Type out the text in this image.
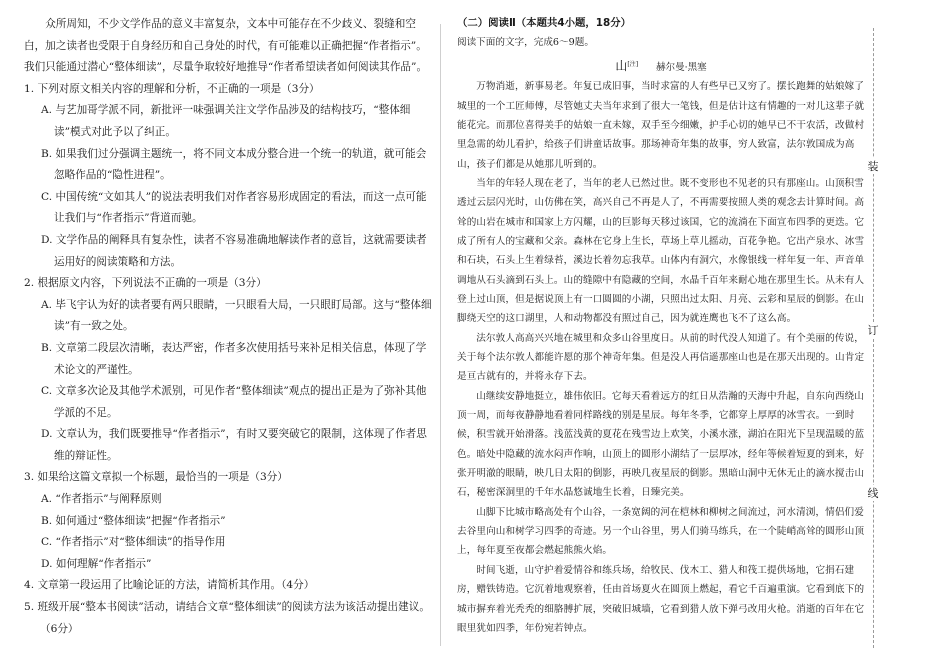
众所周知，不少文学作品的意义丰富复杂，文本中可能存在不少歧义、裂缝和空白，加之读者也受限于自身经历和自己身处的时代，有可能难以正确把握“作者指示”。我们只能通过潜心“整体细读”，尽量争取较好地推导“作者希望读者如何阅读其作品”。

1. 下列对原文相关内容的理解和分析，不正确的一项是（3分）

A. 与艺加哥学派不同，新批评一味强调关注文学作品涉及的结构技巧，“整体细读”模式对此予以了纠正。

B. 如果我们过分强调主题统一，将不同文本成分整合进一个统一的轨道，就可能会忽略作品的“隐性进程”。

C. 中国传统“文如其人”的说法表明我们对作者容易形成固定的看法，而这一点可能让我们与“作者指示”背道而驰。

D. 文学作品的阐释具有复杂性，读者不容易准确地解读作者的意旨，这就需要读者运用好的阅读策略和方法。

2. 根据原文内容，下列说法不正确的一项是（3分）

A. 毕飞宇认为好的读者要有两只眼睛，一只眼看大局，一只眼盯局部。这与“整体细读”有一致之处。

B. 文章第二段层次清晰，表达严密，作者多次使用括号来补足相关信息，体现了学术论文的严谨性。

C. 文章多次论及其他学术派别，可见作者“整体细读”观点的提出正是为了弥补其他学派的不足。

D. 文章认为，我们既要推导“作者指示”，有时又要突破它的限制，这体现了作者思维的辩证性。

3. 如果给这篇文章拟一个标题，最恰当的一项是（3分）

A. “作者指示”与阐释原则

B. 如何通过“整体细读”把握“作者指示”

C. “作者指示”对“整体细读”的指导作用

D. 如何理解“作者指示”

4. 文章第一段运用了比喻论证的方法，请简析其作用。（4分）

5. 班级开展“整本书阅读”活动，请结合文章“整体细读”的阅读方法为该活动提出建议。（6分）

（二）阅读Ⅱ（本题共4小题，18分）

阅读下面的文字，完成6～9题。

山[注] 赫尔曼·黑塞

万物消逝，新事易老。年复已成旧事，当时求富的人有些早已又穷了。摆长跑舞的姑娘嫁了城里的一个工匠师傅，尽管她丈夫当年求到了很大一笔钱，但是估计这有情趣的一对儿这辈子就能花完。而那位喜得美手的姑娘一直未嫁，双手至今细嫩，护手心切的她早已不干农活，改做村里急需的幼儿看护，给孩子们讲童话故事。那场神奇年集的故事，穷人致富，法尔敦国成为高山，孩子们都是从她那儿听到的。

当年的年轻人现在老了，当年的老人已然过世。既不变形也不见老的只有那座山。山顶积雪透过云层闪光时，山仿佛在笑，高兴自己不再是人了，不再需要按照人类的观念去计算时间。高耸的山岩在城市和国家上方闪耀，山的巨影每天移过该国，它的流淌在下面宣布四季的更迭。它成了所有人的宝藏和父亲。森林在它身上生长，草场上草儿摇动，百花争艳。它出产泉水、冰雪和石块，石头上生着绿苔，溪边长着勿忘我草。山体内有洞穴，水像银线一样年复一年、声音单调地从石头滴到石头上。山的缝隙中有隐藏的空间，水晶千百年来耐心地在那里生长。从未有人登上过山顶，但是据说顶上有一口圆圆的小湖，只照出过太阳、月亮、云彩和星辰的倒影。在山脚绕天空的这口湖里，人和动物都没有照过自己，因为就连鹰也飞不了这么高。

法尔敦人高高兴兴地在城里和众多山谷里度日。从前的时代没人知道了。有个美丽的传说，关于每个法尔敦人都能许愿的那个神奇年集。但是没人再信遥那座山也是在那天出现的。山肯定是亘古就有的，并将永存下去。

山继续安静地挺立，雄伟依旧。它每天看着远方的红日从浩瀚的天海中升起，自东向西绕山顶一周，而每夜静静地看着同样路线的别是星辰。每年冬季，它都穿上厚厚的冰雪衣。一到时候，积雪就开始滑落。浅蓝浅黄的夏花在残雪边上欢笑，小溪水涨，湖泊在阳光下呈现温暖的蓝色。暗处中隐藏的流水闷声作响，山顶上的圆形小湖结了一层厚冰，经年等候着短夏的到来，好张开明澈的眼睛，映几日太阳的倒影，再映几夜星辰的倒影。黑暗山洞中无休无止的滴水搅击山石，秘密深洞里的千年水晶悠诚地生长着，日臻完美。

山脚下比城市略高处有个山谷，一条宽阔的河在桤林和柳树之间流过，河水清浏，情侣们爱去谷里向山和树学习四季的奇迹。另一个山谷里，男人们骑马练兵，在一个陡峭高耸的圆形山顶上，每年夏至夜都会燃起熊熊火焰。

时间飞逝，山守护着爱情谷和练兵场，给牧民、伐木工、猎人和筏工提供场地，它捐石建房，赠铁铸造。它沉着地观察着，任由首场夏火在圆顶上燃起，看它千百遍重演。它看到底下的城市摒弃着光秃秃的细胳膊扩展，突破旧城墙，它看到猎人放下弹弓改用火枪。消逝的百年在它眼里犹如四季，年份宛若钟点。

装
订
线
